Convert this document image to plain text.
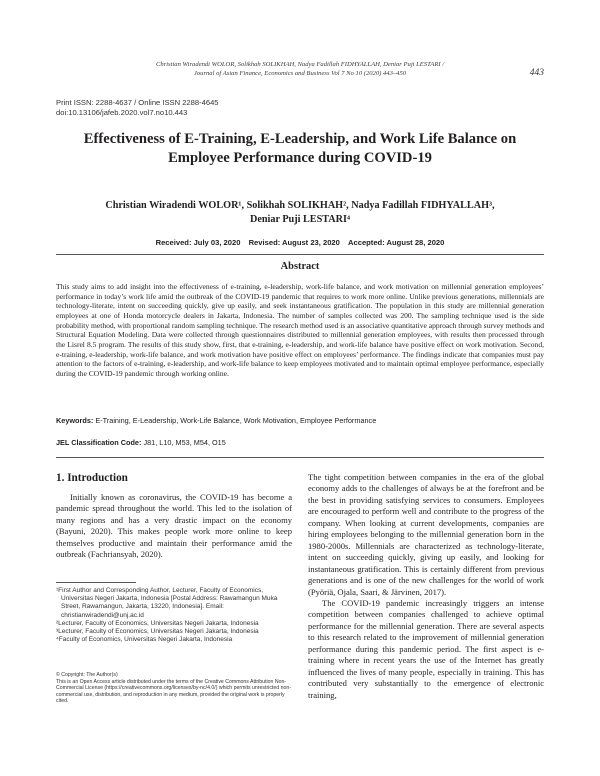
Christian Wiradendi WOLOR, Solikhah SOLIKHAH, Nadya Fadillah FIDHYALLAH, Deniar Puji LESTARI /
Journal of Asian Finance, Economics and Business Vol 7 No 10 (2020) 443–450	443
Print ISSN: 2288-4637 / Online ISSN 2288-4645
doi:10.13106/jafeb.2020.vol7.no10.443
Effectiveness of E-Training, E-Leadership, and Work Life Balance on
Employee Performance during COVID-19
Christian Wiradendi WOLOR¹, Solikhah SOLIKHAH², Nadya Fadillah FIDHYALLAH³,
Deniar Puji LESTARI⁴
Received: July 03, 2020 Revised: August 23, 2020 Accepted: August 28, 2020
Abstract
This study aims to add insight into the effectiveness of e-training, e-leadership, work-life balance, and work motivation on millennial generation employees’ performance in today’s work life amid the outbreak of the COVID-19 pandemic that requires to work more online. Unlike previous generations, millennials are technology-literate, intent on succeeding quickly, give up easily, and seek instantaneous gratification. The population in this study are millennial generation employees at one of Honda motorcycle dealers in Jakarta, Indonesia. The number of samples collected was 200. The sampling technique used is the side probability method, with proportional random sampling technique. The research method used is an associative quantitative approach through survey methods and Structural Equation Modeling. Data were collected through questionnaires distributed to millennial generation employees, with results then processed through the Lisrel 8.5 program. The results of this study show, first, that e-training, e-leadership, and work-life balance have positive effect on work motivation. Second, e-training, e-leadership, work-life balance, and work motivation have positive effect on employees’ performance. The findings indicate that companies must pay attention to the factors of e-training, e-leadership, and work-life balance to keep employees motivated and to maintain optimal employee performance, especially during the COVID-19 pandemic through working online.
Keywords: E-Training, E-Leadership, Work-Life Balance, Work Motivation, Employee Performance
JEL Classification Code: J81, L10, M53, M54, O15
1. Introduction

Initially known as coronavirus, the COVID-19 has become a pandemic spread throughout the world. This led to the isolation of many regions and has a very drastic impact on the economy (Bayuni, 2020). This makes people work more online to keep themselves productive and maintain their performance amid the outbreak (Fachriansyah, 2020).

¹First Author and Corresponding Author, Lecturer, Faculty of Economics, Universitas Negeri Jakarta, Indonesia [Postal Address: Rawamangun Muka Street, Rawamangun, Jakarta, 13220, Indonesia]. Email: christianwiradendi@unj.ac.id
²Lecturer, Faculty of Economics, Universitas Negeri Jakarta, Indonesia
³Lecturer, Faculty of Economics, Universitas Negeri Jakarta, Indonesia
⁴Faculty of Economics, Universitas Negeri Jakarta, Indonesia
© Copyright: The Author(s)
This is an Open Access article distributed under the terms of the Creative Commons Attribution Non-Commercial License (https://creativecommons.org/licenses/by-nc/4.0/) which permits unrestricted non-commercial use, distribution, and reproduction in any medium, provided the original work is properly cited.

The tight competition between companies in the era of the global economy adds to the challenges of always be at the forefront and be the best in providing satisfying services to consumers. Employees are encouraged to perform well and contribute to the progress of the company. When looking at current developments, companies are hiring employees belonging to the millennial generation born in the 1980-2000s. Millennials are characterized as technology-literate, intent on succeeding quickly, giving up easily, and looking for instantaneous gratification. This is certainly different from previous generations and is one of the new challenges for the world of work (Pyöriä, Ojala, Saari, & Järvinen, 2017).

The COVID-19 pandemic increasingly triggers an intense competition between companies challenged to achieve optimal performance for the millennial generation. There are several aspects to this research related to the improvement of millennial generation performance during this pandemic period. The first aspect is e-training where in recent years the use of the Internet has greatly influenced the lives of many people, especially in training. This has contributed very substantially to the emergence of electronic training,
